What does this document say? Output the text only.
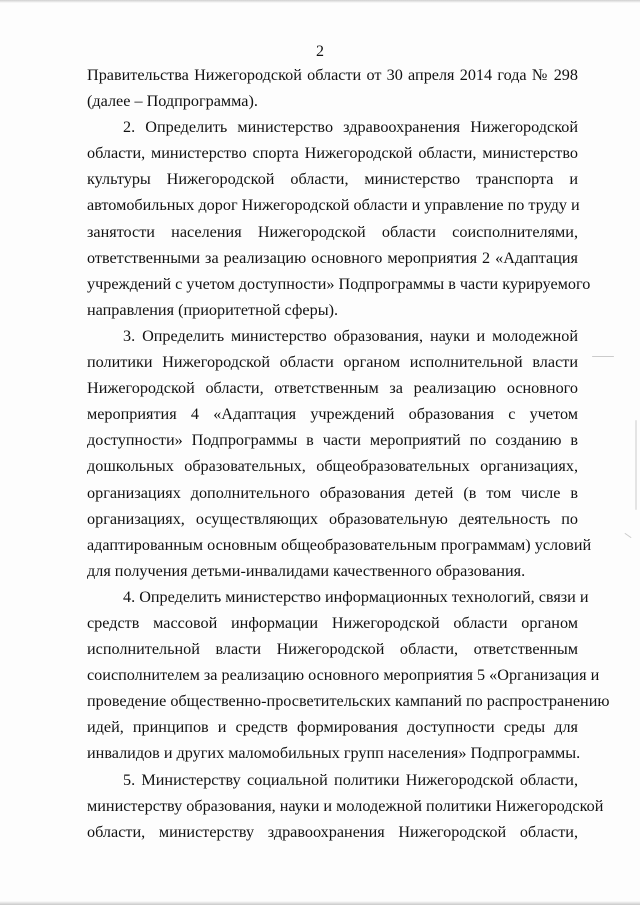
2

Правительства Нижегородской области от 30 апреля 2014 года № 298
(далее – Подпрограмма).

2. Определить министерство здравоохранения Нижегородской
области, министерство спорта Нижегородской области, министерство
культуры Нижегородской области, министерство транспорта и
автомобильных дорог Нижегородской области и управление по труду и
занятости населения Нижегородской области соисполнителями,
ответственными за реализацию основного мероприятия 2 «Адаптация
учреждений с учетом доступности» Подпрограммы в части курируемого
направления (приоритетной сферы).

3. Определить министерство образования, науки и молодежной
политики Нижегородской области органом исполнительной власти
Нижегородской области, ответственным за реализацию основного
мероприятия 4 «Адаптация учреждений образования с учетом
доступности» Подпрограммы в части мероприятий по созданию в
дошкольных образовательных, общеобразовательных организациях,
организациях дополнительного образования детей (в том числе в
организациях, осуществляющих образовательную деятельность по
адаптированным основным общеобразовательным программам) условий
для получения детьми-инвалидами качественного образования.

4. Определить министерство информационных технологий, связи и
средств массовой информации Нижегородской области органом
исполнительной власти Нижегородской области, ответственным
соисполнителем за реализацию основного мероприятия 5 «Организация и
проведение общественно-просветительских кампаний по распространению
идей, принципов и средств формирования доступности среды для
инвалидов и других маломобильных групп населения» Подпрограммы.

5. Министерству социальной политики Нижегородской области,
министерству образования, науки и молодежной политики Нижегородской
области, министерству здравоохранения Нижегородской области,
